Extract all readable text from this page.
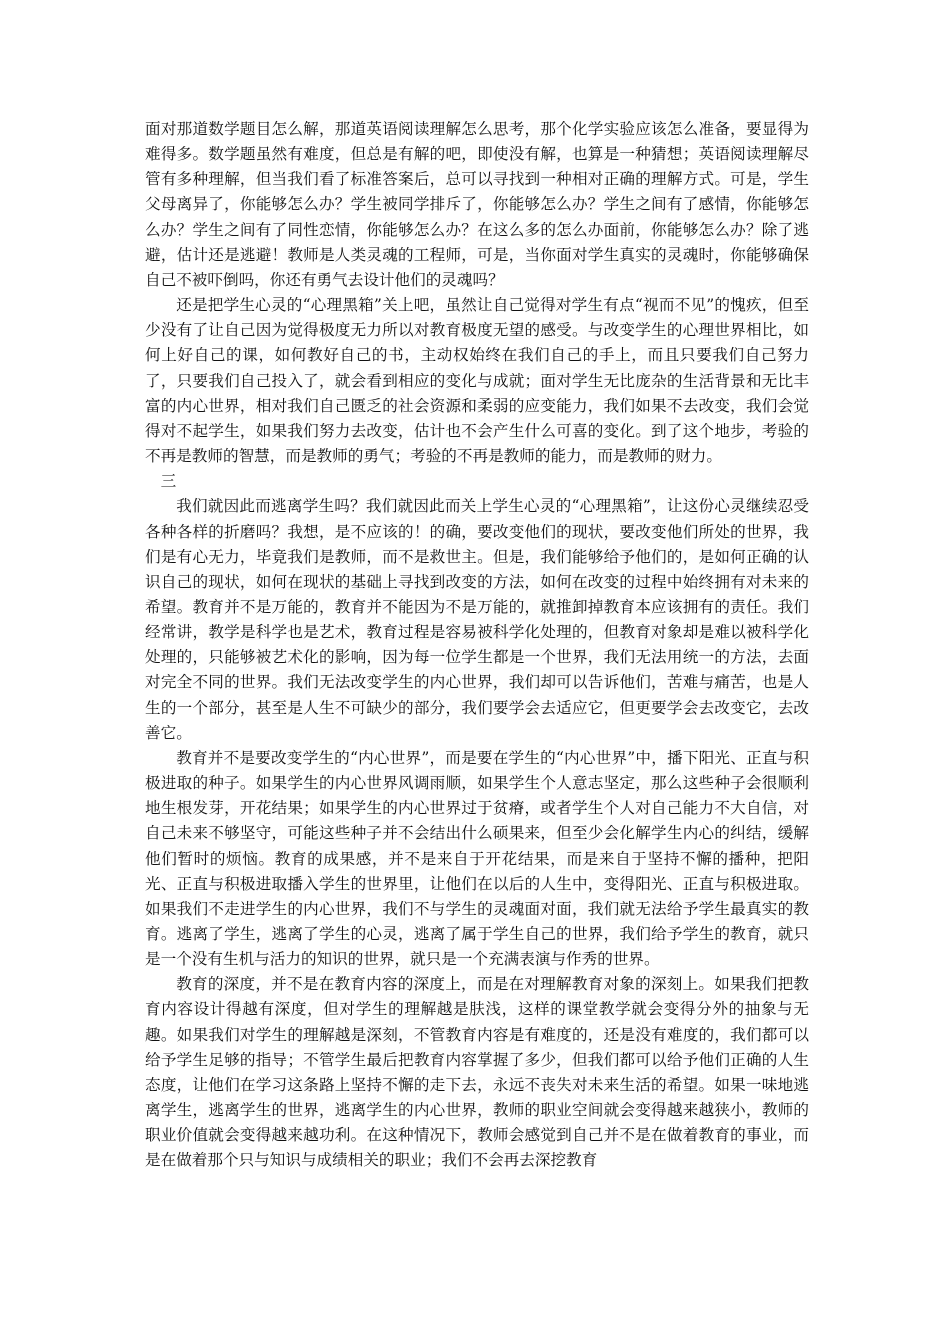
面对那道数学题目怎么解，那道英语阅读理解怎么思考，那个化学实验应该怎么准备，要显得为难得多。数学题虽然有难度，但总是有解的吧，即使没有解，也算是一种猜想；英语阅读理解尽管有多种理解，但当我们看了标准答案后，总可以寻找到一种相对正确的理解方式。可是，学生父母离异了，你能够怎么办？学生被同学排斥了，你能够怎么办？学生之间有了感情，你能够怎么办？学生之间有了同性恋情，你能够怎么办？在这么多的怎么办面前，你能够怎么办？除了逃避，估计还是逃避！教师是人类灵魂的工程师，可是，当你面对学生真实的灵魂时，你能够确保自己不被吓倒吗，你还有勇气去设计他们的灵魂吗？

还是把学生心灵的“心理黑箱”关上吧，虽然让自己觉得对学生有点“视而不见”的愧疚，但至少没有了让自己因为觉得极度无力所以对教育极度无望的感受。与改变学生的心理世界相比，如何上好自己的课，如何教好自己的书，主动权始终在我们自己的手上，而且只要我们自己努力了，只要我们自己投入了，就会看到相应的变化与成就；面对学生无比庞杂的生活背景和无比丰富的内心世界，相对我们自己匮乏的社会资源和柔弱的应变能力，我们如果不去改变，我们会觉得对不起学生，如果我们努力去改变，估计也不会产生什么可喜的变化。到了这个地步，考验的不再是教师的智慧，而是教师的勇气；考验的不再是教师的能力，而是教师的财力。

三

我们就因此而逃离学生吗？我们就因此而关上学生心灵的“心理黑箱”，让这份心灵继续忍受各种各样的折磨吗？我想，是不应该的！的确，要改变他们的现状，要改变他们所处的世界，我们是有心无力，毕竟我们是教师，而不是救世主。但是，我们能够给予他们的，是如何正确的认识自己的现状，如何在现状的基础上寻找到改变的方法，如何在改变的过程中始终拥有对未来的希望。教育并不是万能的，教育并不能因为不是万能的，就推卸掉教育本应该拥有的责任。我们经常讲，教学是科学也是艺术，教育过程是容易被科学化处理的，但教育对象却是难以被科学化处理的，只能够被艺术化的影响，因为每一位学生都是一个世界，我们无法用统一的方法，去面对完全不同的世界。我们无法改变学生的内心世界，我们却可以告诉他们，苦难与痛苦，也是人生的一个部分，甚至是人生不可缺少的部分，我们要学会去适应它，但更要学会去改变它，去改善它。

教育并不是要改变学生的“内心世界”，而是要在学生的“内心世界”中，播下阳光、正直与积极进取的种子。如果学生的内心世界风调雨顺，如果学生个人意志坚定，那么这些种子会很顺利地生根发芽，开花结果；如果学生的内心世界过于贫瘠，或者学生个人对自己能力不大自信，对自己未来不够坚守，可能这些种子并不会结出什么硕果来，但至少会化解学生内心的纠结，缓解他们暂时的烦恼。教育的成果感，并不是来自于开花结果，而是来自于坚持不懈的播种，把阳光、正直与积极进取播入学生的世界里，让他们在以后的人生中，变得阳光、正直与积极进取。如果我们不走进学生的内心世界，我们不与学生的灵魂面对面，我们就无法给予学生最真实的教育。逃离了学生，逃离了学生的心灵，逃离了属于学生自己的世界，我们给予学生的教育，就只是一个没有生机与活力的知识的世界，就只是一个充满表演与作秀的世界。

教育的深度，并不是在教育内容的深度上，而是在对理解教育对象的深刻上。如果我们把教育内容设计得越有深度，但对学生的理解越是肤浅，这样的课堂教学就会变得分外的抽象与无趣。如果我们对学生的理解越是深刻，不管教育内容是有难度的，还是没有难度的，我们都可以给予学生足够的指导；不管学生最后把教育内容掌握了多少，但我们都可以给予他们正确的人生态度，让他们在学习这条路上坚持不懈的走下去，永远不丧失对未来生活的希望。如果一味地逃离学生，逃离学生的世界，逃离学生的内心世界，教师的职业空间就会变得越来越狭小，教师的职业价值就会变得越来越功利。在这种情况下，教师会感觉到自己并不是在做着教育的事业，而是在做着那个只与知识与成绩相关的职业；我们不会再去深挖教育
